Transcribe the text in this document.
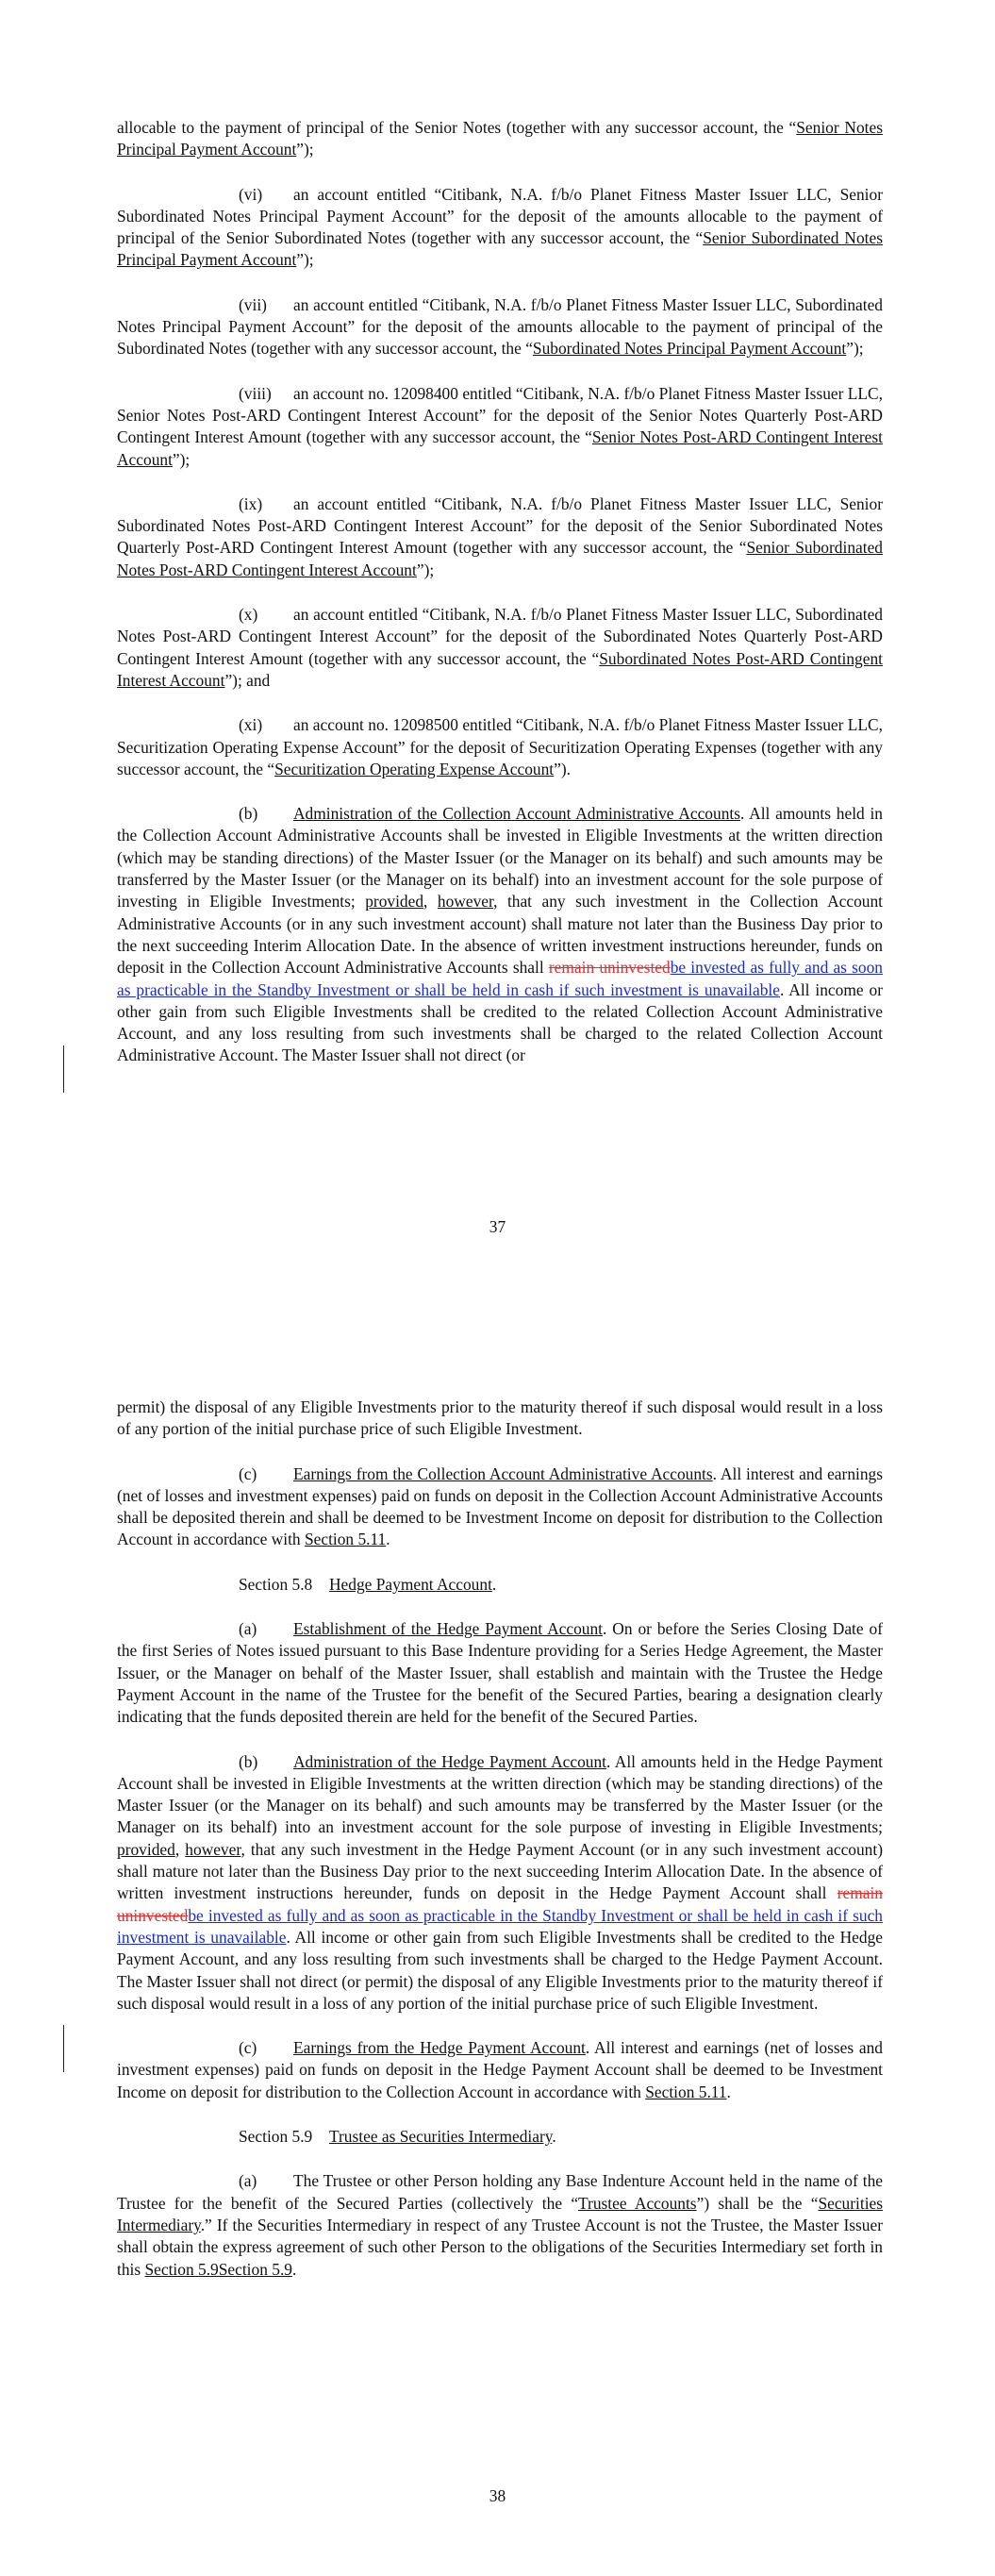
allocable to the payment of principal of the Senior Notes (together with any successor account, the “Senior Notes Principal Payment Account”);

(vi) an account entitled “Citibank, N.A. f/b/o Planet Fitness Master Issuer LLC, Senior Subordinated Notes Principal Payment Account” for the deposit of the amounts allocable to the payment of principal of the Senior Subordinated Notes (together with any successor account, the “Senior Subordinated Notes Principal Payment Account”);

(vii) an account entitled “Citibank, N.A. f/b/o Planet Fitness Master Issuer LLC, Subordinated Notes Principal Payment Account” for the deposit of the amounts allocable to the payment of principal of the Subordinated Notes (together with any successor account, the “Subordinated Notes Principal Payment Account”);

(viii) an account no. 12098400 entitled “Citibank, N.A. f/b/o Planet Fitness Master Issuer LLC, Senior Notes Post-ARD Contingent Interest Account” for the deposit of the Senior Notes Quarterly Post-ARD Contingent Interest Amount (together with any successor account, the “Senior Notes Post-ARD Contingent Interest Account”);

(ix) an account entitled “Citibank, N.A. f/b/o Planet Fitness Master Issuer LLC, Senior Subordinated Notes Post-ARD Contingent Interest Account” for the deposit of the Senior Subordinated Notes Quarterly Post-ARD Contingent Interest Amount (together with any successor account, the “Senior Subordinated Notes Post-ARD Contingent Interest Account”);

(x) an account entitled “Citibank, N.A. f/b/o Planet Fitness Master Issuer LLC, Subordinated Notes Post-ARD Contingent Interest Account” for the deposit of the Subordinated Notes Quarterly Post-ARD Contingent Interest Amount (together with any successor account, the “Subordinated Notes Post-ARD Contingent Interest Account”); and

(xi) an account no. 12098500 entitled “Citibank, N.A. f/b/o Planet Fitness Master Issuer LLC, Securitization Operating Expense Account” for the deposit of Securitization Operating Expenses (together with any successor account, the “Securitization Operating Expense Account”).

(b) Administration of the Collection Account Administrative Accounts. All amounts held in the Collection Account Administrative Accounts shall be invested in Eligible Investments at the written direction (which may be standing directions) of the Master Issuer (or the Manager on its behalf) and such amounts may be transferred by the Master Issuer (or the Manager on its behalf) into an investment account for the sole purpose of investing in Eligible Investments; provided, however, that any such investment in the Collection Account Administrative Accounts (or in any such investment account) shall mature not later than the Business Day prior to the next succeeding Interim Allocation Date. In the absence of written investment instructions hereunder, funds on deposit in the Collection Account Administrative Accounts shall remain uninvestedbe invested as fully and as soon as practicable in the Standby Investment or shall be held in cash if such investment is unavailable. All income or other gain from such Eligible Investments shall be credited to the related Collection Account Administrative Account, and any loss resulting from such investments shall be charged to the related Collection Account Administrative Account. The Master Issuer shall not direct (or

37

permit) the disposal of any Eligible Investments prior to the maturity thereof if such disposal would result in a loss of any portion of the initial purchase price of such Eligible Investment.

(c) Earnings from the Collection Account Administrative Accounts. All interest and earnings (net of losses and investment expenses) paid on funds on deposit in the Collection Account Administrative Accounts shall be deposited therein and shall be deemed to be Investment Income on deposit for distribution to the Collection Account in accordance with Section 5.11.

Section 5.8 Hedge Payment Account.

(a) Establishment of the Hedge Payment Account. On or before the Series Closing Date of the first Series of Notes issued pursuant to this Base Indenture providing for a Series Hedge Agreement, the Master Issuer, or the Manager on behalf of the Master Issuer, shall establish and maintain with the Trustee the Hedge Payment Account in the name of the Trustee for the benefit of the Secured Parties, bearing a designation clearly indicating that the funds deposited therein are held for the benefit of the Secured Parties.

(b) Administration of the Hedge Payment Account. All amounts held in the Hedge Payment Account shall be invested in Eligible Investments at the written direction (which may be standing directions) of the Master Issuer (or the Manager on its behalf) and such amounts may be transferred by the Master Issuer (or the Manager on its behalf) into an investment account for the sole purpose of investing in Eligible Investments; provided, however, that any such investment in the Hedge Payment Account (or in any such investment account) shall mature not later than the Business Day prior to the next succeeding Interim Allocation Date. In the absence of written investment instructions hereunder, funds on deposit in the Hedge Payment Account shall remain uninvestedbe invested as fully and as soon as practicable in the Standby Investment or shall be held in cash if such investment is unavailable. All income or other gain from such Eligible Investments shall be credited to the Hedge Payment Account, and any loss resulting from such investments shall be charged to the Hedge Payment Account. The Master Issuer shall not direct (or permit) the disposal of any Eligible Investments prior to the maturity thereof if such disposal would result in a loss of any portion of the initial purchase price of such Eligible Investment.

(c) Earnings from the Hedge Payment Account. All interest and earnings (net of losses and investment expenses) paid on funds on deposit in the Hedge Payment Account shall be deemed to be Investment Income on deposit for distribution to the Collection Account in accordance with Section 5.11.

Section 5.9 Trustee as Securities Intermediary.

(a) The Trustee or other Person holding any Base Indenture Account held in the name of the Trustee for the benefit of the Secured Parties (collectively the “Trustee Accounts”) shall be the “Securities Intermediary.” If the Securities Intermediary in respect of any Trustee Account is not the Trustee, the Master Issuer shall obtain the express agreement of such other Person to the obligations of the Securities Intermediary set forth in this Section 5.9Section 5.9.

38
